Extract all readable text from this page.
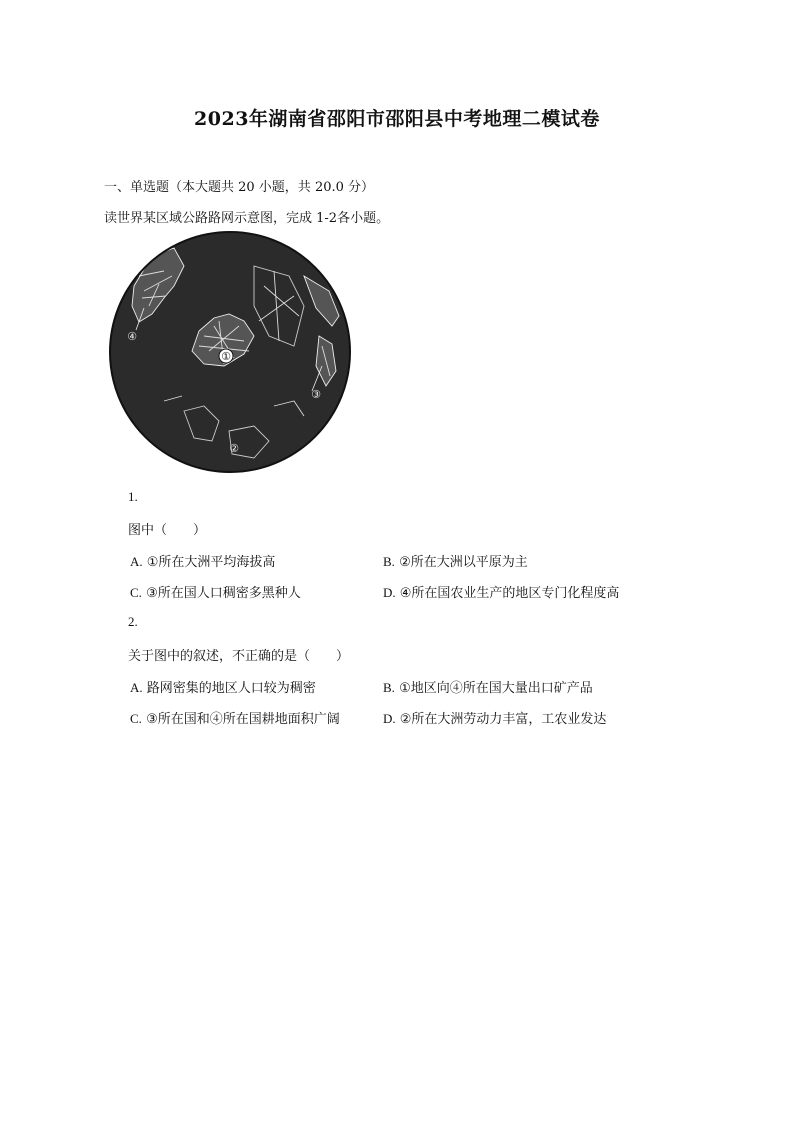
2023年湖南省邵阳市邵阳县中考地理二模试卷
一、单选题（本大题共 20 小题，共 20.0 分）
读世界某区域公路路网示意图，完成 1-2各小题。
①
②
③
④
1.
图中（　　）
A. ①所在大洲平均海拔高	B. ②所在大洲以平原为主
C. ③所在国人口稠密多黑种人	D. ④所在国农业生产的地区专门化程度高
2.
关于图中的叙述，不正确的是（　　）
A. 路网密集的地区人口较为稠密	B. ①地区向④所在国大量出口矿产品
C. ③所在国和④所在国耕地面积广阔	D. ②所在大洲劳动力丰富，工农业发达
